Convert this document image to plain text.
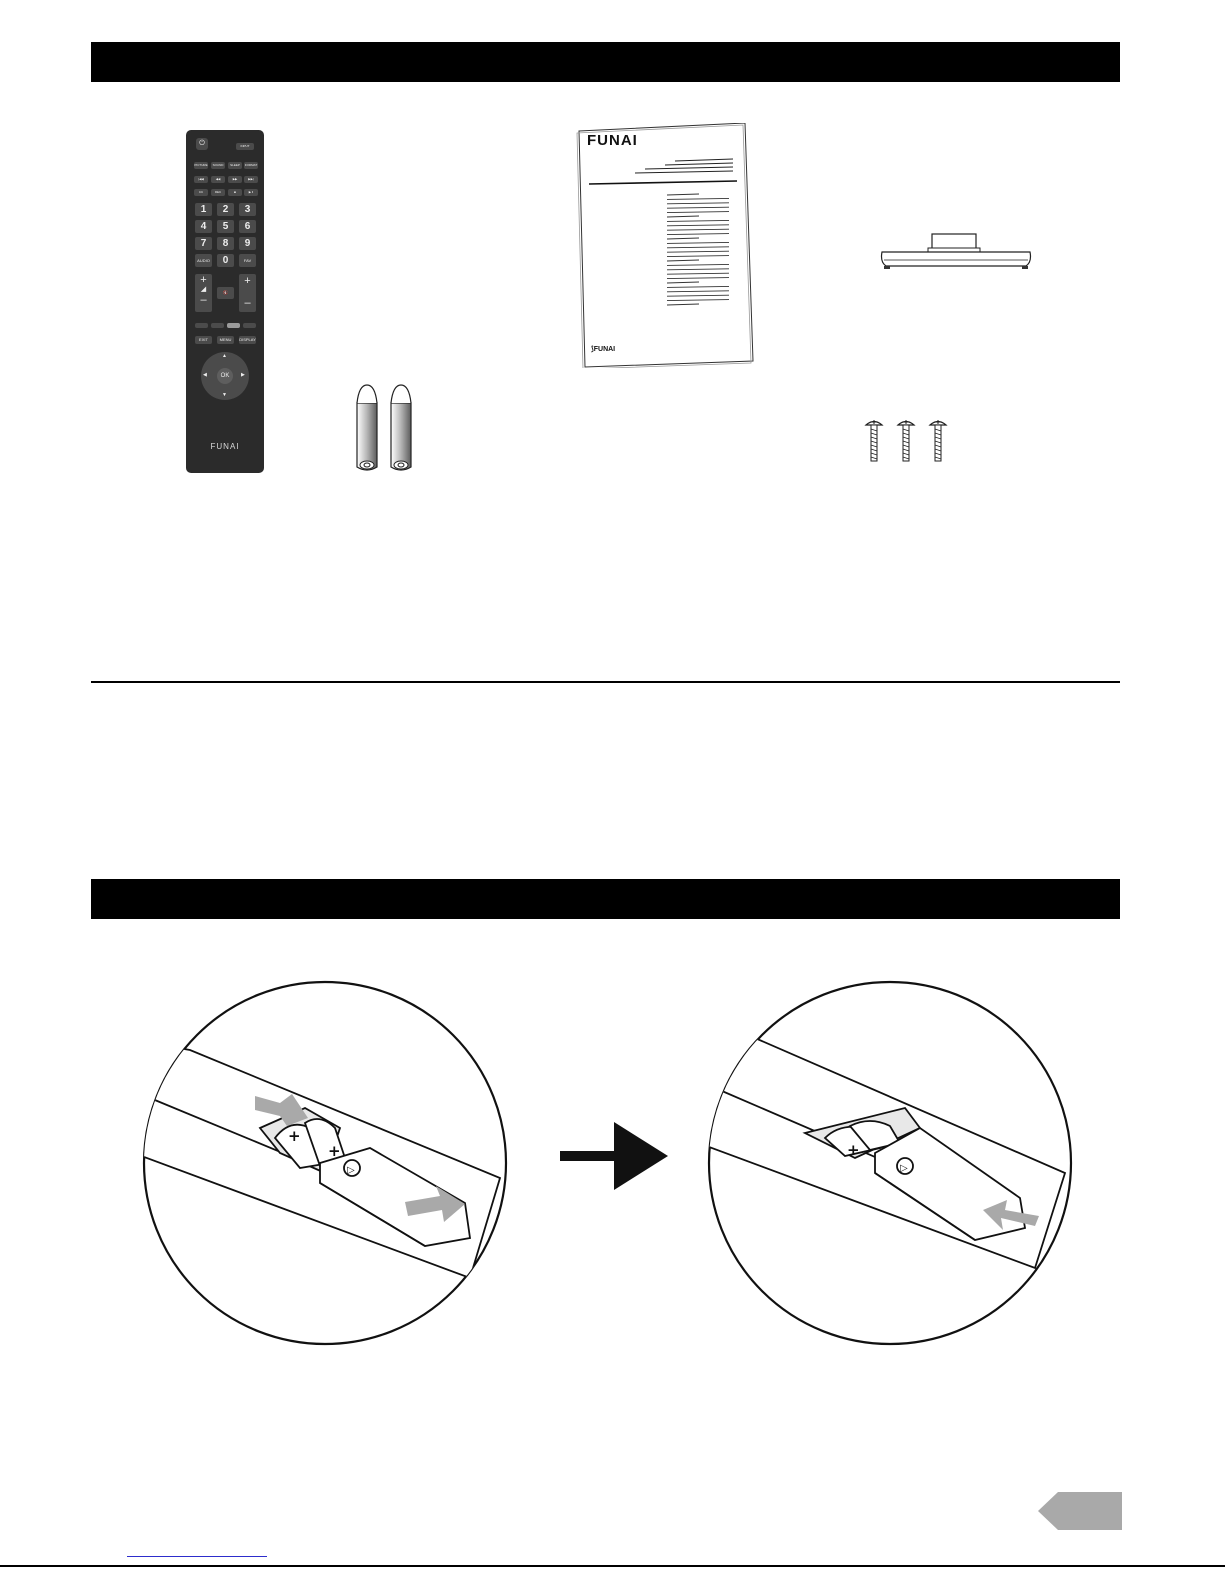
⏻	INPUT
PICTURE	SOUND	SLEEP	FORMAT
|◀◀	◀◀	▶▶	▶▶|
CC	REC	■	▶ ‖
1	2	3
4	5	6
7	8	9
AUDIO	0	FAV
+
◢
–
🔇
+
–
EXIT	MENU	DISPLAY
OK
▲
▼
◀	▶
FUNAI
FUNAI
⟆FUNAI
+
+
▷
+
▷
